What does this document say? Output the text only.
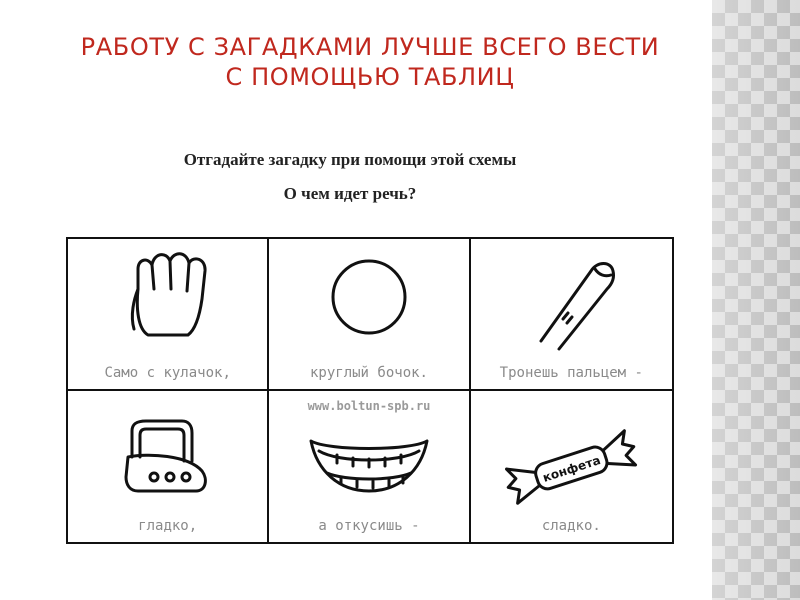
РАБОТУ С ЗАГАДКАМИ ЛУЧШЕ ВСЕГО ВЕСТИ
С ПОМОЩЬЮ ТАБЛИЦ
Отгадайте загадку при помощи этой схемы
О чем идет речь?
Само с кулачок,	круглый бочок.	Тронешь пальцем -
гладко,
www.boltun-spb.ru
а откусишь -
конфета
сладко.
